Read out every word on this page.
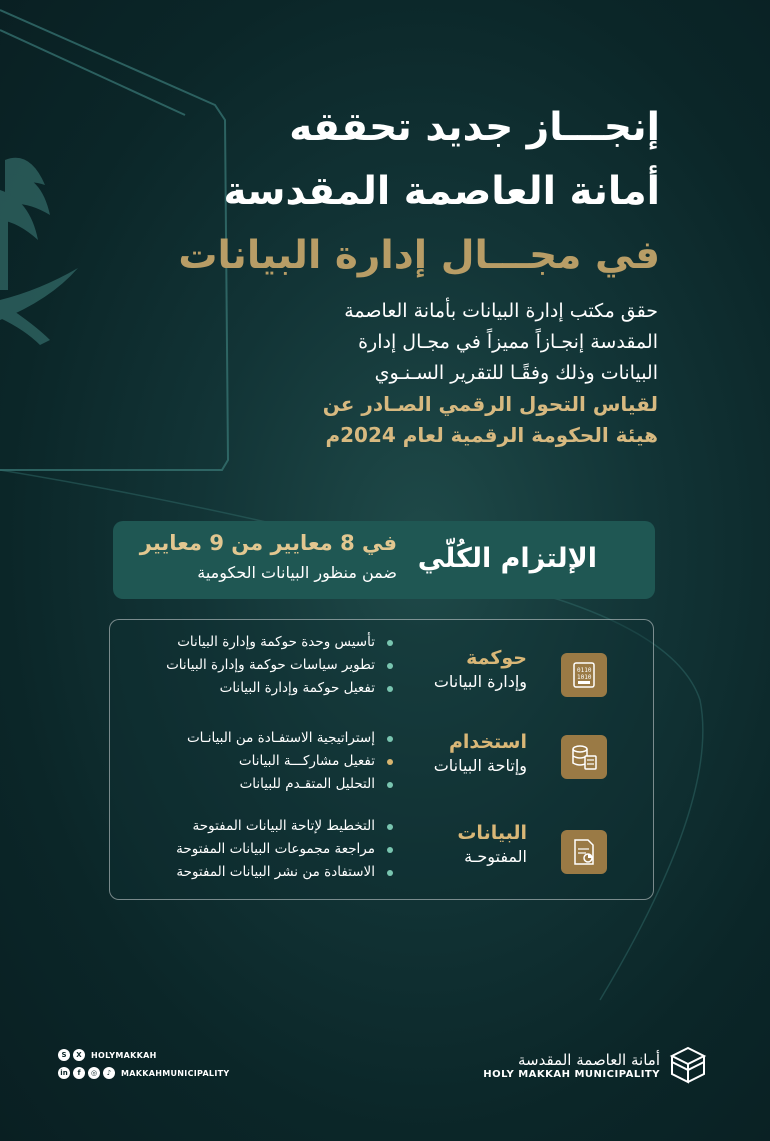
إنجـــاز جديد تحققه
أمانة العاصمة المقدسة
في مجـــال إدارة البيانات
حقق مكتب إدارة البيانات بأمانة العاصمة
المقدسة إنجـازاً مميزاً في مجـال إدارة
البيانات وذلك وفقًـا للتقرير السـنـوي
لقياس التحول الرقمي الصـادر عن
هيئة الحكومة الرقمية لعام 2024م
الإلتزام الكُلّي
في 8 معايير من 9 معايير
ضمن منظور البيانات الحكومية
0110
1010
حوكمة
وإدارة البيانات
تأسيس وحدة حوكمة وإدارة البيانات
تطوير سياسات حوكمة وإدارة البيانات
تفعيل حوكمة وإدارة البيانات
استخدام
وإتاحة البيانات
إستراتيجية الاستفـادة من البيانـات
تفعيل مشاركـــة البيانات
التحليل المتقـدم للبيانات
البيانات
المفتوحـة
التخطيط لإتاحة البيانات المفتوحة
مراجعة مجموعات البيانات المفتوحة
الاستفادة من نشر البيانات المفتوحة
S	X	HOLYMAKKAH
in	f	◎	♪	MAKKAHMUNICIPALITY
أمانة العاصمة المقدسة
HOLY MAKKAH MUNICIPALITY
